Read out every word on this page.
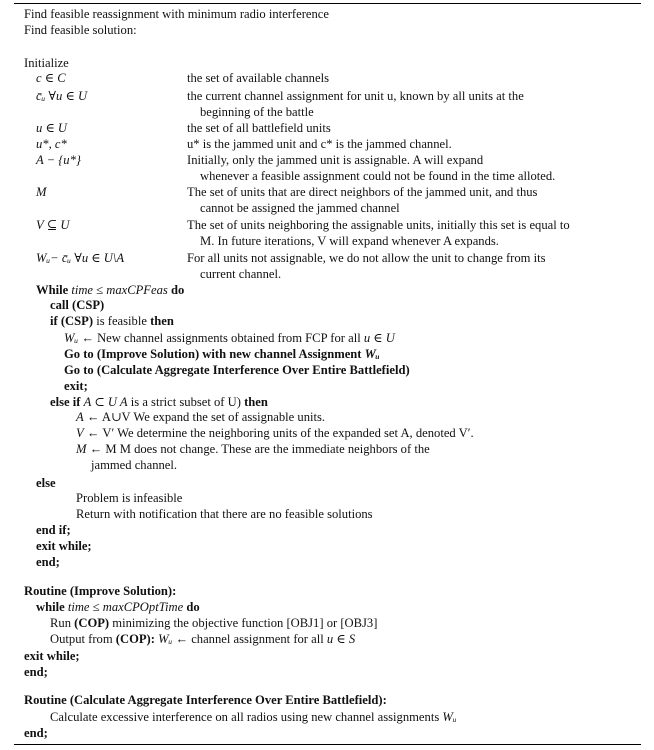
Find feasible reassignment with minimum radio interference
Find feasible solution:
Initialize
c ∈ C	the set of available channels
c̄ᵤ ∀u ∈ U	the current channel assignment for unit u, known by all units at the
beginning of the battle
u ∈ U	the set of all battlefield units
u*, c*	u* is the jammed unit and c* is the jammed channel.
A − {u*}	Initially, only the jammed unit is assignable. A will expand
whenever a feasible assignment could not be found in the time alloted.
M	The set of units that are direct neighbors of the jammed unit, and thus
cannot be assigned the jammed channel
V ⊆ U	The set of units neighboring the assignable units, initially this set is equal to
M. In future iterations, V will expand whenever A expands.
Wᵤ− c̄ᵤ ∀u ∈ U\A	For all units not assignable, we do not allow the unit to change from its
current channel.
While time ≤ maxCPFeas do
call (CSP)
if (CSP) is feasible then
Wᵤ ← New channel assignments obtained from FCP for all u ∈ U
Go to (Improve Solution) with new channel Assignment Wᵤ
Go to (Calculate Aggregate Interference Over Entire Battlefield)
exit;
else if A ⊂ U A is a strict subset of U) then
A ← A∪V We expand the set of assignable units.
V ← V′ We determine the neighboring units of the expanded set A, denoted V′.
M ← M M does not change. These are the immediate neighbors of the
jammed channel.
else
Problem is infeasible
Return with notification that there are no feasible solutions
end if;
exit while;
end;
Routine (Improve Solution):
while time ≤ maxCPOptTime do
Run (COP) minimizing the objective function [OBJ1] or [OBJ3]
Output from (COP): Wᵤ ← channel assignment for all u ∈ S
exit while;
end;
Routine (Calculate Aggregate Interference Over Entire Battlefield):
Calculate excessive interference on all radios using new channel assignments Wᵤ
end;
